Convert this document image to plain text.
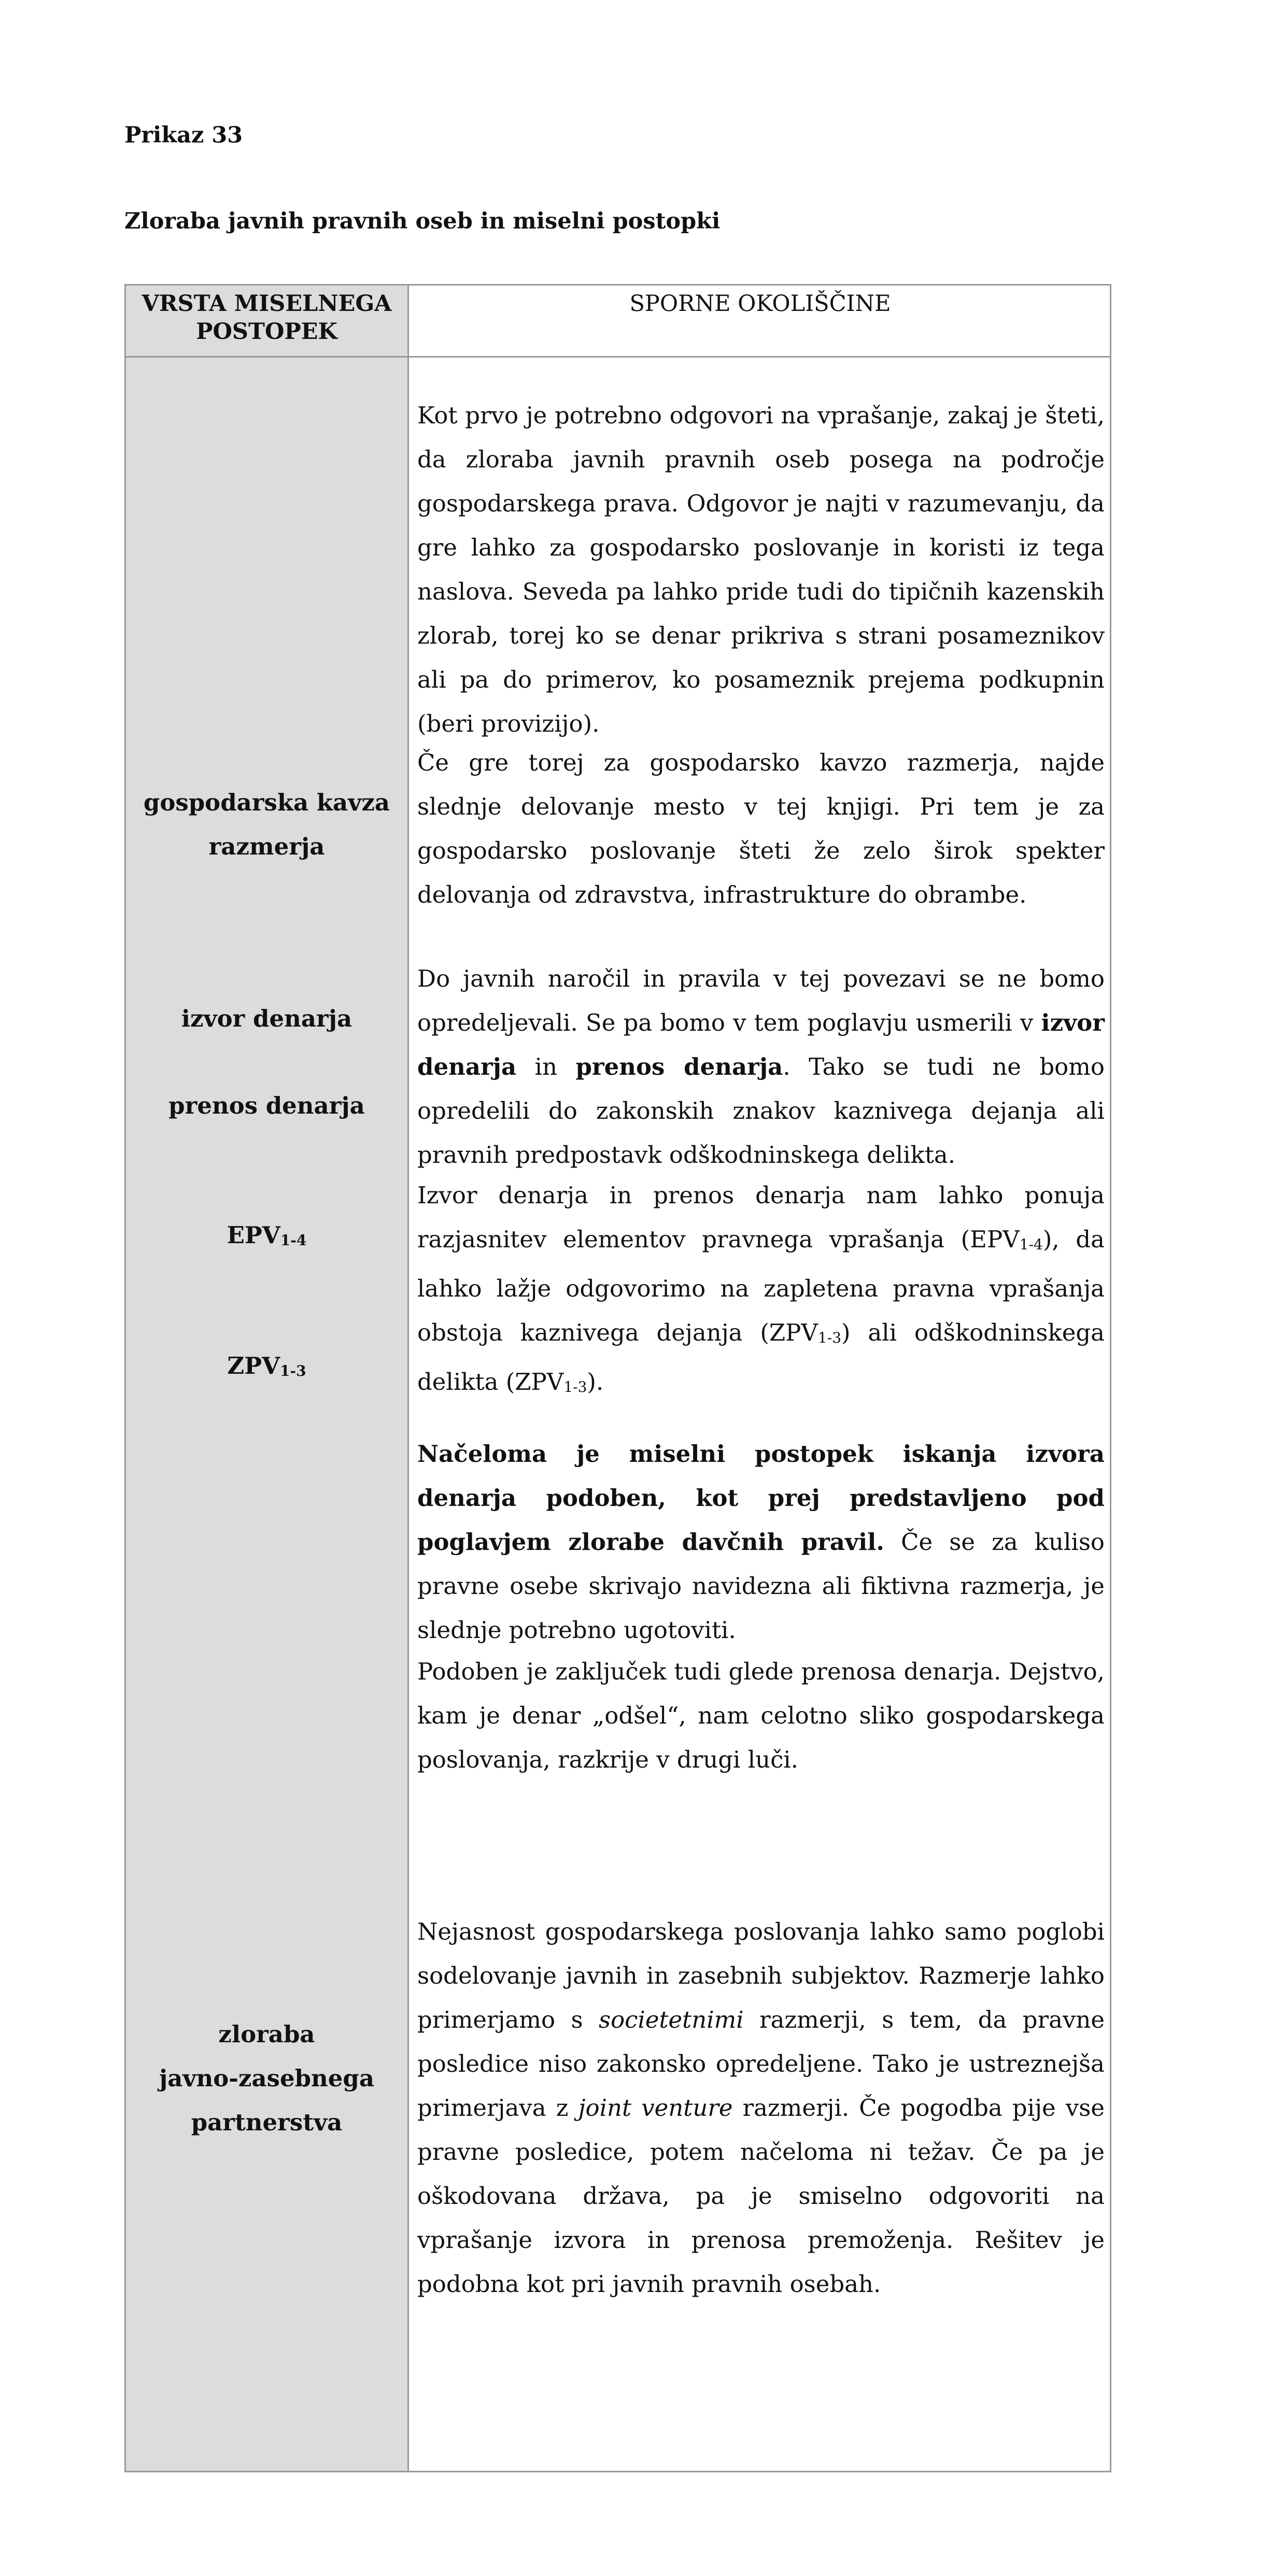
Prikaz 33
Zloraba javnih pravnih oseb in miselni postopki
VRSTA MISELNEGA POSTOPEK
SPORNE OKOLIŠČINE
gospodarska kavza razmerja
izvor denarja
prenos denarja
$EPV_{1-4}$
$ZPV_{1-3}$
zloraba
javno-zasebnega
partnerstva
Kot prvo je potrebno odgovori na vprašanje, zakaj je šteti, da zloraba javnih pravnih oseb posega na področje gospodarskega prava. Odgovor je najti v razumevanju, da gre lahko za gospodarsko poslovanje in koristi iz tega naslova. Seveda pa lahko pride tudi do tipičnih kazenskih zlorab, torej ko se denar prikriva s strani posameznikov ali pa do primerov, ko posameznik prejema podkupnin (beri provizijo).
Če gre torej za gospodarsko kavzo razmerja, najde slednje delovanje mesto v tej knjigi. Pri tem je za gospodarsko poslovanje šteti že zelo širok spekter delovanja od zdravstva, infrastrukture do obrambe.
Do javnih naročil in pravila v tej povezavi se ne bomo opredeljevali. Se pa bomo v tem poglavju usmerili v izvor denarja in prenos denarja. Tako se tudi ne bomo opredelili do zakonskih znakov kaznivega dejanja ali pravnih predpostavk odškodninskega delikta.
Izvor denarja in prenos denarja nam lahko ponuja razjasnitev elementov pravnega vprašanja $(EPV_{1-4})$, da lahko lažje odgovorimo na zapletena pravna vprašanja obstoja kaznivega dejanja $(ZPV_{1-3})$ ali odškodninskega delikta $(ZPV_{1-3})$.
Načeloma je miselni postopek iskanja izvora denarja podoben, kot prej predstavljeno pod poglavjem zlorabe davčnih pravil. Če se za kuliso pravne osebe skrivajo navidezna ali fiktivna razmerja, je slednje potrebno ugotoviti.
Podoben je zaključek tudi glede prenosa denarja. Dejstvo, kam je denar „odšel“, nam celotno sliko gospodarskega poslovanja, razkrije v drugi luči.
Nejasnost gospodarskega poslovanja lahko samo poglobi sodelovanje javnih in zasebnih subjektov. Razmerje lahko primerjamo s societetnimi razmerji, s tem, da pravne posledice niso zakonsko opredeljene. Tako je ustreznejša primerjava z joint venture razmerji. Če pogodba pije vse pravne posledice, potem načeloma ni težav. Če pa je oškodovana država, pa je smiselno odgovoriti na vprašanje izvora in prenosa premoženja. Rešitev je podobna kot pri javnih pravnih osebah.
